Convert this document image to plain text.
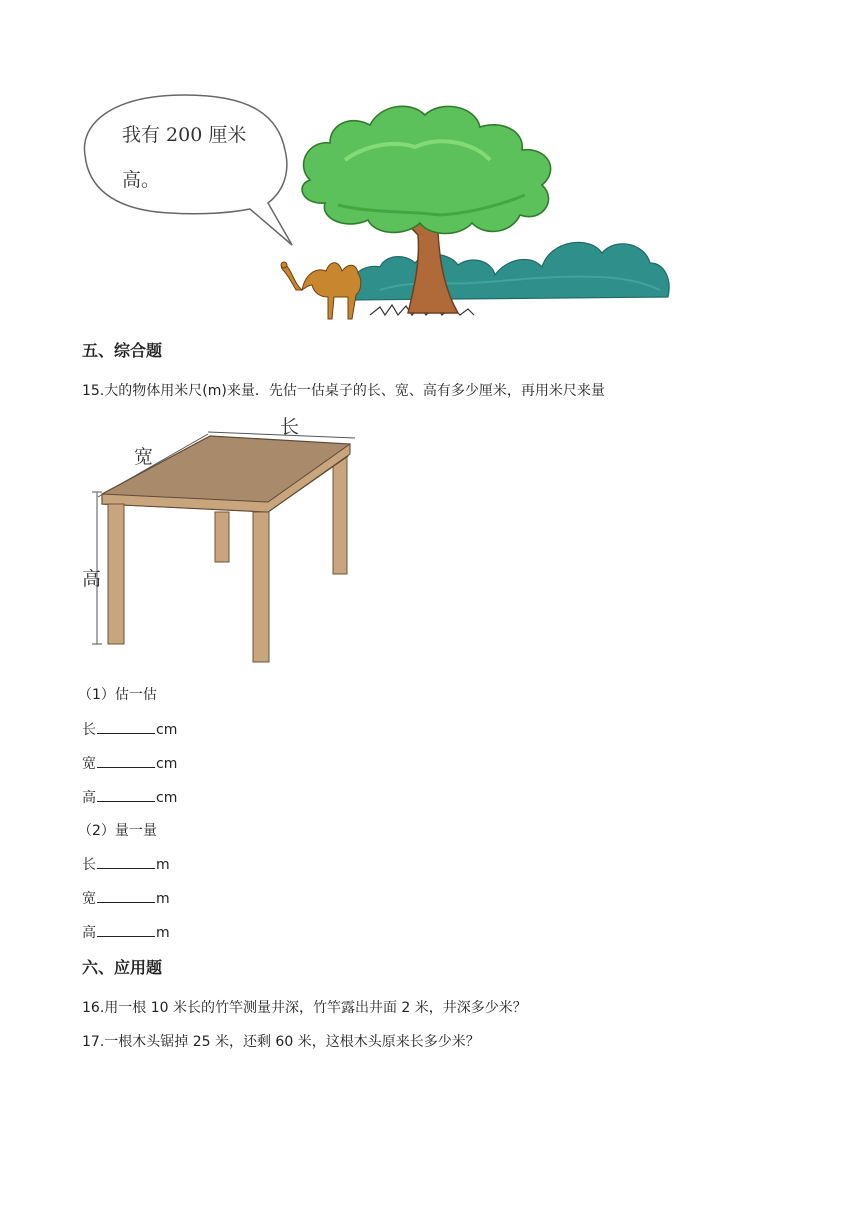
我有 200 厘米
高。
五、综合题
15.大的物体用米尺(m)来量．先估一估桌子的长、宽、高有多少厘米，再用米尺来量
长
宽
高
（1）估一估
长	cm
宽	cm
高	cm
（2）量一量
长	m
宽	m
高	m
六、应用题
16.用一根 10 米长的竹竿测量井深，竹竿露出井面 2 米，井深多少米？
17.一根木头锯掉 25 米，还剩 60 米，这根木头原来长多少米？
